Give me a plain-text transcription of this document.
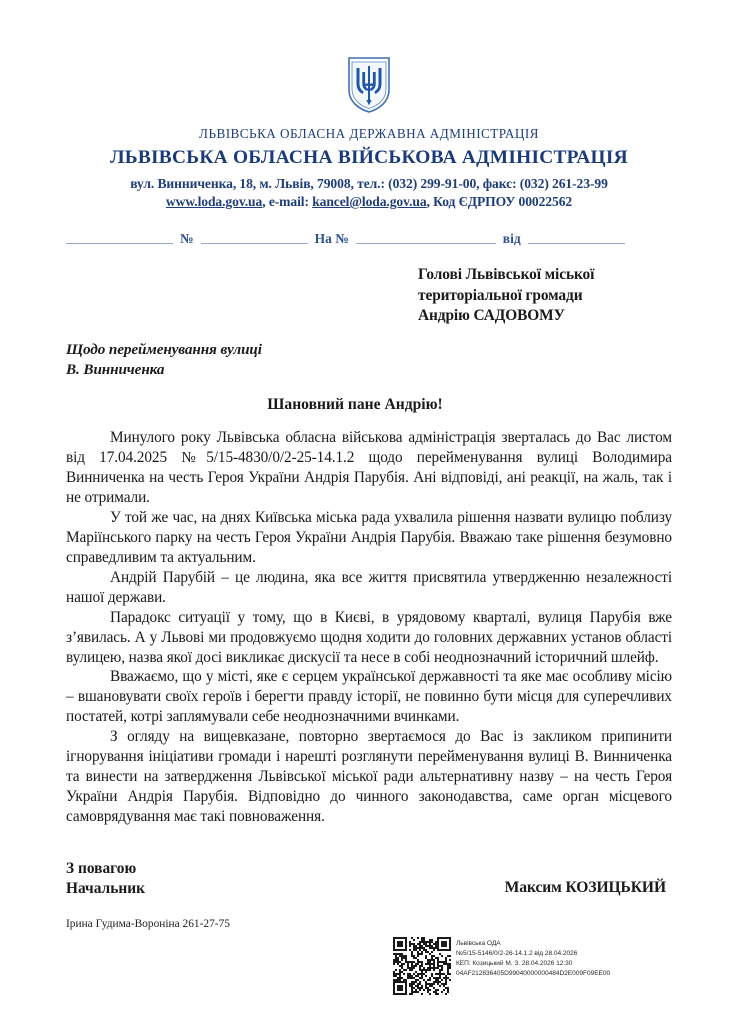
ЛЬВІВСЬКА ОБЛАСНА ДЕРЖАВНА АДМІНІСТРАЦІЯ
ЛЬВІВСЬКА ОБЛАСНА ВІЙСЬКОВА АДМІНІСТРАЦІЯ
вул. Винниченка, 18, м. Львів, 79008, тел.: (032) 299-91-00, факс: (032) 261-23-99
www.loda.gov.ua, e-mail: kancel@loda.gov.ua, Код ЄДРПОУ 00022562
№	На №	від
Голові Львівської міської
територіальної громади
Андрію САДОВОМУ
Щодо перейменування вулиці
В. Винниченка
Шановний пане Андрію!

Минулого року Львівська обласна військова адміністрація зверталась до Вас листом від 17.04.2025 №5/15-4830/0/2-25-14.1.2 щодо перейменування вулиці Володимира Винниченка на честь Героя України Андрія Парубія. Ані відповіді, ані реакції, на жаль, так і не отримали.

У той же час, на днях Київська міська рада ухвалила рішення назвати вулицю поблизу Маріїнського парку на честь Героя України Андрія Парубія. Вважаю таке рішення безумовно справедливим та актуальним.

Андрій Парубій – це людина, яка все життя присвятила утвердженню незалежності нашої держави.

Парадокс ситуації у тому, що в Києві, в урядовому кварталі, вулиця Парубія вже з’явилась. А у Львові ми продовжуємо щодня ходити до головних державних установ області вулицею, назва якої досі викликає дискусії та несе в собі неоднозначний історичний шлейф.

Вважаємо, що у місті, яке є серцем української державності та яке має особливу місію – вшановувати своїх героїв і берегти правду історії, не повинно бути місця для суперечливих постатей, котрі заплямували себе неоднозначними вчинками.

З огляду на вищевказане, повторно звертаємося до Вас із закликом припинити ігнорування ініціативи громади і нарешті розглянути перейменування вулиці В. Винниченка та винести на затвердження Львівської міської ради альтернативну назву – на честь Героя України Андрія Парубія. Відповідно до чинного законодавства, саме орган місцевого самоврядування має такі повноваження.

З повагою
Начальник	Максим КОЗИЦЬКИЙ
Ірина Гудима-Вороніна 261-27-75
Львівська ОДА
№5/15-5146/0/2-26-14.1.2 від 28.04.2026
КЕП: Козицький М. З. 28.04.2026 12:30
04AF212836405D99040000000484D2E009F09EE00
